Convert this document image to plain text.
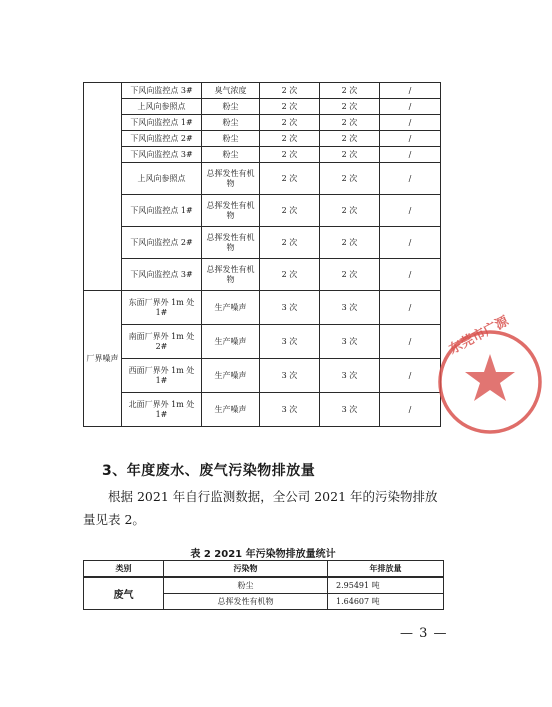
	下风向监控点 3#	臭气浓度	2 次	2 次	/
	上风向参照点	粉尘	2 次	2 次	/
	下风向监控点 1#	粉尘	2 次	2 次	/
	下风向监控点 2#	粉尘	2 次	2 次	/
	下风向监控点 3#	粉尘	2 次	2 次	/
	上风向参照点	总挥发性有机物	2 次	2 次	/
	下风向监控点 1#	总挥发性有机物	2 次	2 次	/
	下风向监控点 2#	总挥发性有机物	2 次	2 次	/
	下风向监控点 3#	总挥发性有机物	2 次	2 次	/
厂界噪声	东面厂界外 1m 处 1#	生产噪声	3 次	3 次	/
	南面厂界外 1m 处 2#	生产噪声	3 次	3 次	/
	西面厂界外 1m 处 1#	生产噪声	3 次	3 次	/
	北面厂界外 1m 处 1#	生产噪声	3 次	3 次	/
东莞市广源
3、年度废水、废气污染物排放量
根据 2021 年自行监测数据，全公司 2021 年的污染物排放量见表 2。
表 2 2021 年污染物排放量统计
类别	污染物	年排放量
废气	粉尘	2.95491 吨
	总挥发性有机物	1.64607 吨
— 3 —
